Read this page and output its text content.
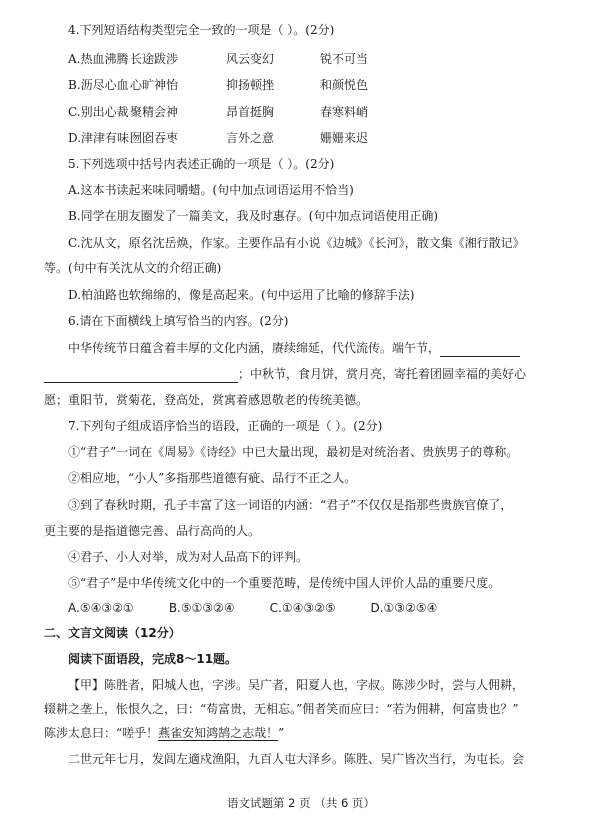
4.下列短语结构类型完全一致的一项是（ ）。(2分)
A.热血沸腾 长途跋涉	风云变幻	锐不可当
B.沥尽心血 心旷神怡	抑扬顿挫	和颜悦色
C.别出心裁 聚精会神	昂首挺胸	春寒料峭
D.津津有味 囫囵吞枣	言外之意	姗姗来迟
5.下列选项中括号内表述正确的一项是（ ）。(2分)
A.这本书读起来味同嚼蜡。(句中加点词语运用不恰当)
B.同学在朋友圈发了一篇美文，我及时惠存。(句中加点词语使用正确)
C.沈从文，原名沈岳焕，作家。主要作品有小说《边城》《长河》，散文集《湘行散记》
等。(句中有关沈从文的介绍正确)
D.柏油路也软绵绵的，像是高起来。(句中运用了比喻的修辞手法)
6.请在下面横线上填写恰当的内容。(2分)
中华传统节日蕴含着丰厚的文化内涵，赓续绵延，代代流传。端午节，
；中秋节，食月饼，赏月亮，寄托着团圆幸福的美好心
愿；重阳节，赏菊花，登高处，赏寓着感恩敬老的传统美德。
7.下列句子组成语序恰当的语段，正确的一项是（ ）。(2分)
①“君子”一词在《周易》《诗经》中已大量出现，最初是对统治者、贵族男子的尊称。
②相应地，“小人”多指那些道德有疵、品行不正之人。
③到了春秋时期，孔子丰富了这一词语的内涵：“君子”不仅仅是指那些贵族官僚了，
更主要的是指道德完善、品行高尚的人。
④君子、小人对举，成为对人品高下的评判。
⑤“君子”是中华传统文化中的一个重要范畴，是传统中国人评价人品的重要尺度。
A.⑤④③②①	B.⑤①③②④	C.①④③②⑤	D.①③②⑤④
二、文言文阅读（12分）
阅读下面语段，完成8～11题。
【甲】陈胜者，阳城人也，字涉。吴广者，阳夏人也，字叔。陈涉少时，尝与人佣耕，
辍耕之垄上，怅恨久之，曰：“苟富贵，无相忘。”佣者笑而应曰：“若为佣耕，何富贵也？”
陈涉太息曰：“嗟乎！燕雀安知鸿鹄之志哉！”
二世元年七月，发闾左適戍渔阳，九百人屯大泽乡。陈胜、吴广皆次当行，为屯长。会
语文试题第 2 页 （共 6 页）
